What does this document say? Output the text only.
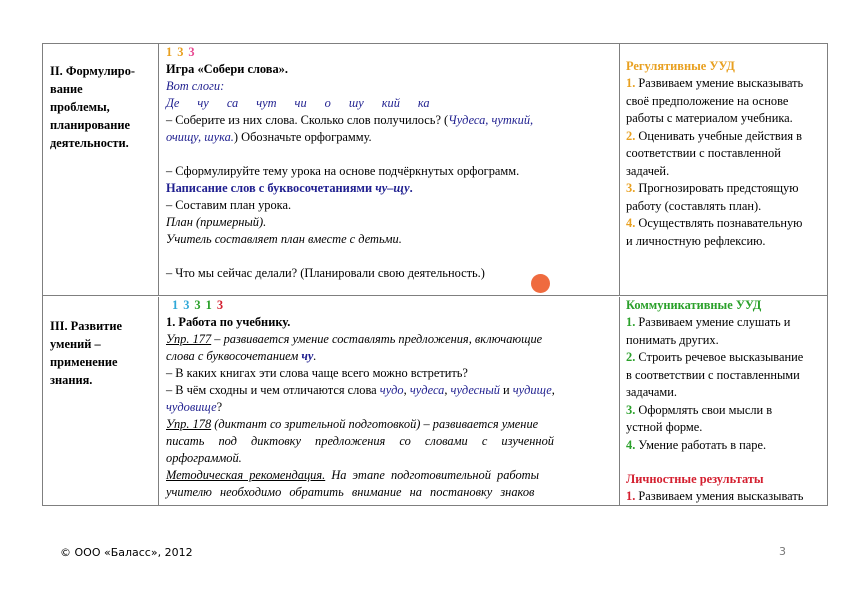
II. Формулиро-
вание
проблемы,
планирование
деятельности.
1 3 3
Игра «Собери слова».
Вот слоги:
Де чу са чут чи о шу кий ка
– Соберите из них слова. Сколько слов получилось? (Чудеса, чуткий,
очищу, шука.) Обозначьте орфограмму.
– Сформулируйте тему урока на основе подчёркнутых орфограмм.
Написание слов с буквосочетаниями чу–щу.
– Составим план урока.
План (примерный).
Учитель составляет план вместе с детьми.
– Что мы сейчас делали? (Планировали свою деятельность.)
Регулятивные УУД
1. Развиваем умение высказывать
своё предположение на основе
работы с материалом учебника.
2. Оценивать учебные действия в
соответствии с поставленной
задачей.
3. Прогнозировать предстоящую
работу (составлять план).
4. Осуществлять познавательную
и личностную рефлексию.
III. Развитие
умений –
применение
знания.
1 3 3 1 3
1. Работа по учебнику.
Упр. 177 – развивается умение составлять предложения, включающие
слова с буквосочетанием чу.
– В каких книгах эти слова чаще всего можно встретить?
– В чём сходны и чем отличаются слова чудо, чудеса, чудесный и чудище,
чудовище?
Упр. 178 (диктант со зрительной подготовкой) – развивается умение
писать под диктовку предложения со словами с изученной
орфограммой.
Методическая рекомендация. На этапе подготовительной работы
учителю необходимо обратить внимание на постановку знаков
Коммуникативные УУД
1. Развиваем умение слушать и
понимать других.
2. Строить речевое высказывание
в соответствии с поставленными
задачами.
3. Оформлять свои мысли в
устной форме.
4. Умение работать в паре.
Личностные результаты
1. Развиваем умения высказывать
© ООО «Баласс», 2012	3
